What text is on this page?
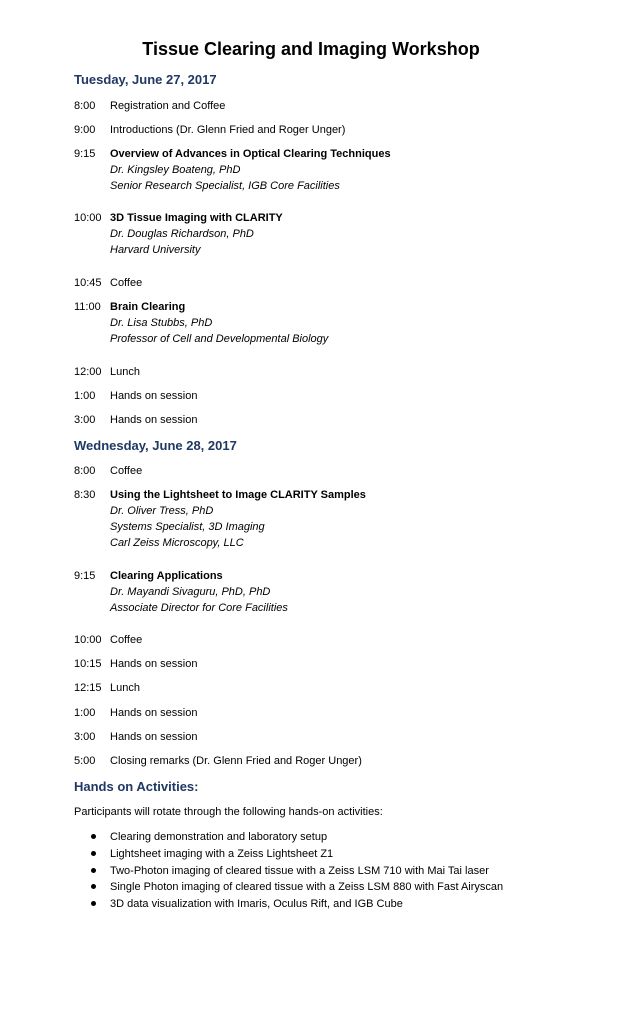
Tissue Clearing and Imaging Workshop
Tuesday, June 27, 2017
8:00 Registration and Coffee
9:00 Introductions (Dr. Glenn Fried and Roger Unger)
9:15 Overview of Advances in Optical Clearing Techniques
Dr. Kingsley Boateng, PhD
Senior Research Specialist, IGB Core Facilities
10:00 3D Tissue Imaging with CLARITY
Dr. Douglas Richardson, PhD
Harvard University
10:45 Coffee
11:00 Brain Clearing
Dr. Lisa Stubbs, PhD
Professor of Cell and Developmental Biology
12:00 Lunch
1:00 Hands on session
3:00 Hands on session
Wednesday, June 28, 2017
8:00 Coffee
8:30 Using the Lightsheet to Image CLARITY Samples
Dr. Oliver Tress, PhD
Systems Specialist, 3D Imaging
Carl Zeiss Microscopy, LLC
9:15 Clearing Applications
Dr. Mayandi Sivaguru, PhD, PhD
Associate Director for Core Facilities
10:00 Coffee
10:15 Hands on session
12:15 Lunch
1:00 Hands on session
3:00 Hands on session
5:00 Closing remarks (Dr. Glenn Fried and Roger Unger)
Hands on Activities:
Participants will rotate through the following hands-on activities:
Clearing demonstration and laboratory setup
Lightsheet imaging with a Zeiss Lightsheet Z1
Two-Photon imaging of cleared tissue with a Zeiss LSM 710 with Mai Tai laser
Single Photon imaging of cleared tissue with a Zeiss LSM 880 with Fast Airyscan
3D data visualization with Imaris, Oculus Rift, and IGB Cube
